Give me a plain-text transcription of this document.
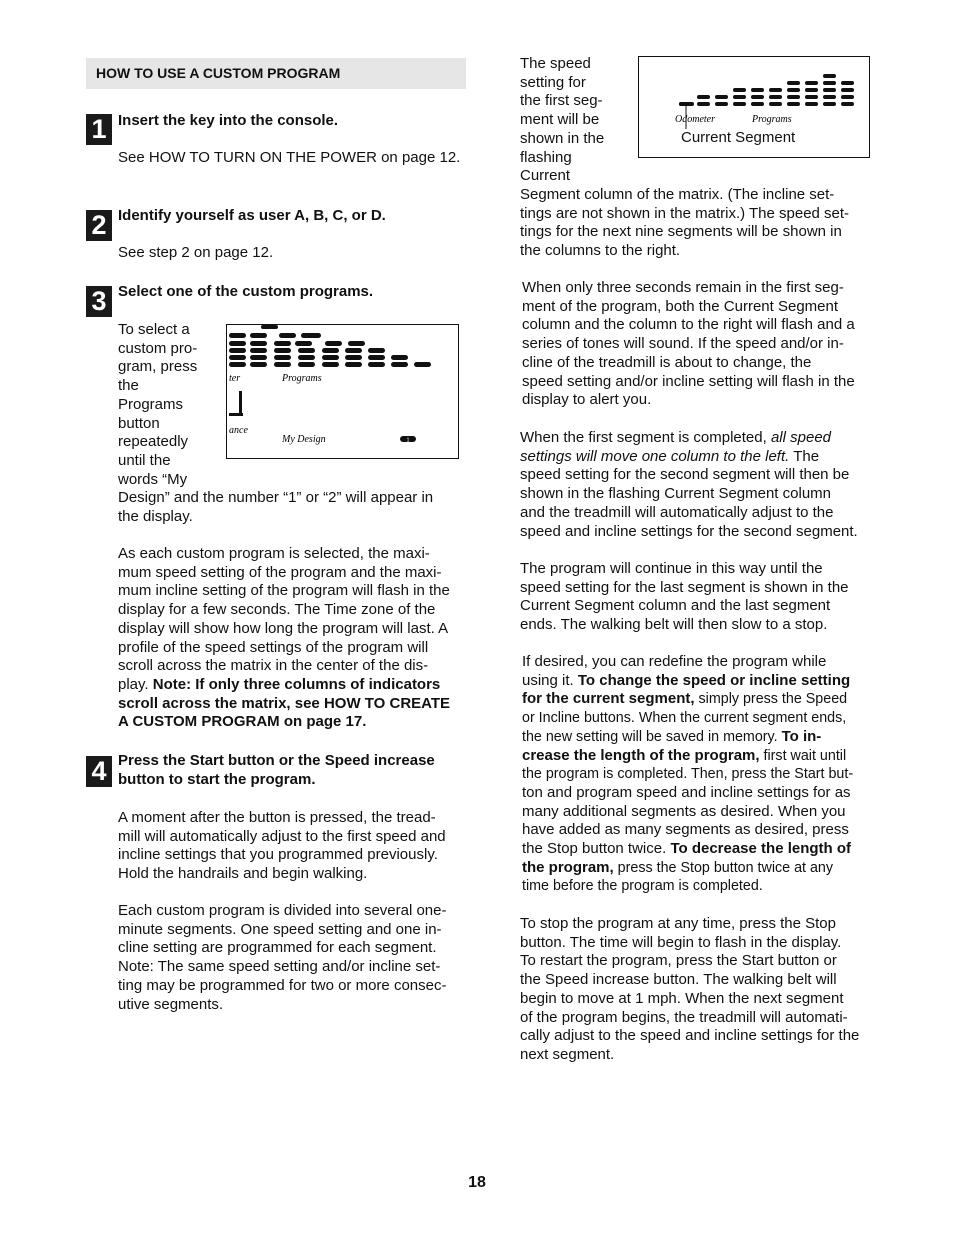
HOW TO USE A CUSTOM PROGRAM
1 Insert the key into the console.
See HOW TO TURN ON THE POWER on page 12.
2 Identify yourself as user A, B, C, or D.
See step 2 on page 12.
3 Select one of the custom programs.
To select a
custom pro-
gram, press
the
Programs
button
repeatedly
until the
words “My
Design” and the number “1” or “2” will appear in
the display.
ter	Programs
ance
My Design	1
As each custom program is selected, the maxi-
mum speed setting of the program and the maxi-
mum incline setting of the program will flash in the
display for a few seconds. The Time zone of the
display will show how long the program will last. A
profile of the speed settings of the program will
scroll across the matrix in the center of the dis-
play. Note: If only three columns of indicators
scroll across the matrix, see HOW TO CREATE
A CUSTOM PROGRAM on page 17.
4 Press the Start button or the Speed increase
button to start the program.
A moment after the button is pressed, the tread-
mill will automatically adjust to the first speed and
incline settings that you programmed previously.
Hold the handrails and begin walking.
Each custom program is divided into several one-
minute segments. One speed setting and one in-
cline setting are programmed for each segment.
Note: The same speed setting and/or incline set-
ting may be programmed for two or more consec-
utive segments.
The speed
setting for
the first seg-
ment will be
shown in the
flashing
Current
Segment column of the matrix. (The incline set-
tings are not shown in the matrix.) The speed set-
tings for the next nine segments will be shown in
the columns to the right.
Odometer	Programs
Current Segment
When only three seconds remain in the first seg-
ment of the program, both the Current Segment
column and the column to the right will flash and a
series of tones will sound. If the speed and/or in-
cline of the treadmill is about to change, the
speed setting and/or incline setting will flash in the
display to alert you.
When the first segment is completed, all speed
settings will move one column to the left. The
speed setting for the second segment will then be
shown in the flashing Current Segment column
and the treadmill will automatically adjust to the
speed and incline settings for the second segment.
The program will continue in this way until the
speed setting for the last segment is shown in the
Current Segment column and the last segment
ends. The walking belt will then slow to a stop.
If desired, you can redefine the program while
using it. To change the speed or incline setting
for the current segment, simply press the Speed
or Incline buttons. When the current segment ends,
the new setting will be saved in memory. To in-
crease the length of the program, first wait until
the program is completed. Then, press the Start but-
ton and program speed and incline settings for as
many additional segments as desired. When you
have added as many segments as desired, press
the Stop button twice. To decrease the length of
the program, press the Stop button twice at any
time before the program is completed.
To stop the program at any time, press the Stop
button. The time will begin to flash in the display.
To restart the program, press the Start button or
the Speed increase button. The walking belt will
begin to move at 1 mph. When the next segment
of the program begins, the treadmill will automati-
cally adjust to the speed and incline settings for the
next segment.
18
